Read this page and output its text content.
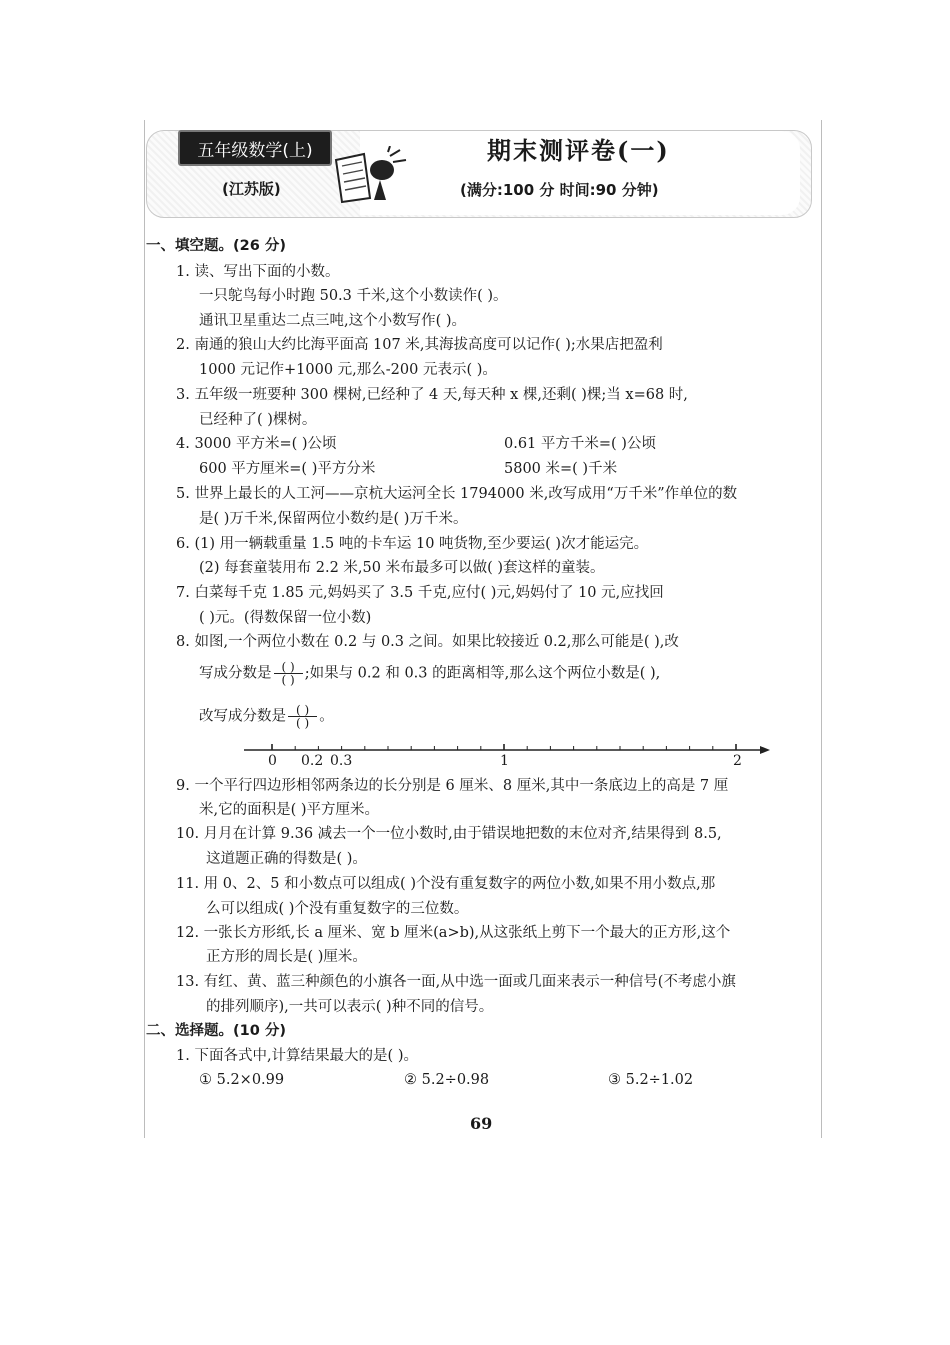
五年级数学(上)
(江苏版)
期末测评卷(一)
(满分:100 分 时间:90 分钟)
一、填空题。(26 分)
1. 读、写出下面的小数。
一只鸵鸟每小时跑 50.3 千米,这个小数读作( )。
通讯卫星重达二点三吨,这个小数写作( )。
2. 南通的狼山大约比海平面高 107 米,其海拔高度可以记作( );水果店把盈利
1000 元记作+1000 元,那么-200 元表示( )。
3. 五年级一班要种 300 棵树,已经种了 4 天,每天种 x 棵,还剩( )棵;当 x=68 时,
已经种了( )棵树。
4. 3000 平方米=( )公顷	0.61 平方千米=( )公顷
600 平方厘米=( )平方分米	5800 米=( )千米
5. 世界上最长的人工河——京杭大运河全长 1794000 米,改写成用“万千米”作单位的数
是( )万千米,保留两位小数约是( )万千米。
6. (1) 用一辆载重量 1.5 吨的卡车运 10 吨货物,至少要运( )次才能运完。
(2) 每套童装用布 2.2 米,50 米布最多可以做( )套这样的童装。
7. 白菜每千克 1.85 元,妈妈买了 3.5 千克,应付( )元,妈妈付了 10 元,应找回
( )元。(得数保留一位小数)
8. 如图,一个两位小数在 0.2 与 0.3 之间。如果比较接近 0.2,那么可能是( ),改
写成分数是 $\frac{( )}{( )}$ ;如果与 0.2 和 0.3 的距离相等,那么这个两位小数是( ),
改写成分数是 $\frac{( )}{( )}$ 。
0 0.2 0.3	1	2
9. 一个平行四边形相邻两条边的长分别是 6 厘米、8 厘米,其中一条底边上的高是 7 厘
米,它的面积是( )平方厘米。
10. 月月在计算 9.36 减去一个一位小数时,由于错误地把数的末位对齐,结果得到 8.5,
这道题正确的得数是( )。
11. 用 0、2、5 和小数点可以组成( )个没有重复数字的两位小数,如果不用小数点,那
么可以组成( )个没有重复数字的三位数。
12. 一张长方形纸,长 a 厘米、宽 b 厘米(a>b),从这张纸上剪下一个最大的正方形,这个
正方形的周长是( )厘米。
13. 有红、黄、蓝三种颜色的小旗各一面,从中选一面或几面来表示一种信号(不考虑小旗
的排列顺序),一共可以表示( )种不同的信号。
二、选择题。(10 分)
1. 下面各式中,计算结果最大的是( )。
① 5.2×0.99	② 5.2÷0.98	③ 5.2÷1.02
69
